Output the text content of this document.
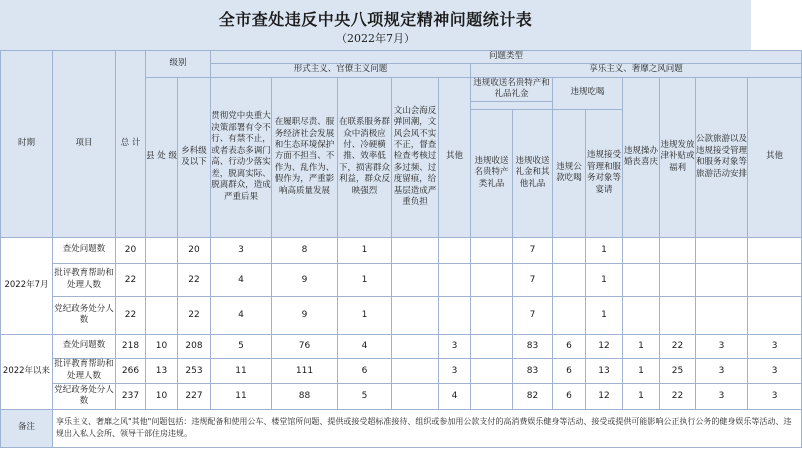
全市查处违反中央八项规定精神问题统计表
（2022年7月）
时期	项目	总 计	级别		问题类型												
					形式主义、官僚主义问题					享乐主义、奢靡之风问题							
			县 处 级	乡科级及以下	贯彻党中央重大决策部署有令不行、有禁不止，或者表态多调门高、行动少落实差，脱离实际、脱离群众，造成严重后果	在履职尽责、服务经济社会发展和生态环境保护方面不担当、不作为、乱作为、假作为，严重影响高质量发展	在联系服务群众中消极应付、冷硬横推、效率低下，损害群众利益，群众反映强烈	文山会海反弹回潮，文风会风不实不正，督查检查考核过多过频、过度留痕，给基层造成严重负担	其他	违规收送名贵特产和礼品礼金		违规吃喝		违规操办婚丧喜庆	违规发放津补贴或福利	公款旅游以及违规接受管理和服务对象等旅游活动安排	其他

										违规收送名贵特产类礼品	违规收送礼金和其他礼品	违规公款吃喝	违规接受管理和服务对象等宴请				
2022年7月	查处问题数	20		20	3	8	1				7		1				
	批评教育帮助和处理人数	22		22	4	9	1				7		1				
	党纪政务处分人数	22		22	4	9	1				7		1				
2022年以来	查处问题数	218	10	208	5	76	4		3		83	6	12	1	22	3	3
	批评教育帮助和处理人数	266	13	253	11	111	6		3		83	6	13	1	25	3	3
	党纪政务处分人数	237	10	227	11	88	5		4		82	6	12	1	22	3	3
备注	享乐主义、奢靡之风"其他"问题包括：违规配备和使用公车、楼堂馆所问题、提供或接受超标准接待、组织或参加用公款支付的高消费娱乐健身等活动、接受或提供可能影响公正执行公务的健身娱乐等活动、违规出入私人会所、领导干部住房违规。																
